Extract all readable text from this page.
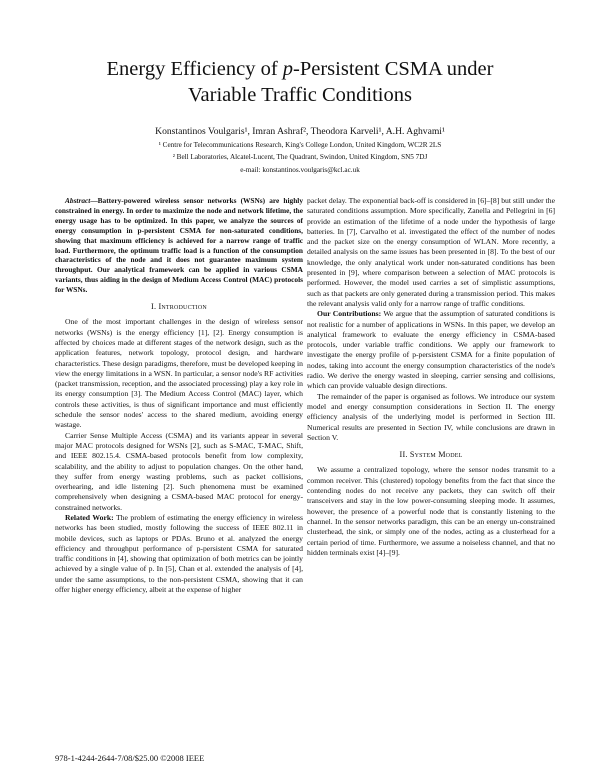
Energy Efficiency of p-Persistent CSMA under
Variable Traffic Conditions
Konstantinos Voulgaris¹, Imran Ashraf², Theodora Karveli¹, A.H. Aghvami¹
¹ Centre for Telecommunications Research, King's College London, United Kingdom, WC2R 2LS
² Bell Laboratories, Alcatel-Lucent, The Quadrant, Swindon, United Kingdom, SN5 7DJ
e-mail: konstantinos.voulgaris@kcl.ac.uk

Abstract—Battery-powered wireless sensor networks (WSNs) are highly constrained in energy. In order to maximize the node and network lifetime, the energy usage has to be optimized. In this paper, we analyze the sources of energy consumption in p-persistent CSMA for non-saturated conditions, showing that maximum efficiency is achieved for a narrow range of traffic load. Furthermore, the optimum traffic load is a function of the consumption characteristics of the node and it does not guarantee maximum system throughput. Our analytical framework can be applied in various CSMA variants, thus aiding in the design of Medium Access Control (MAC) protocols for WSNs.

I. Introduction

One of the most important challenges in the design of wireless sensor networks (WSNs) is the energy efficiency [1], [2]. Energy consumption is affected by choices made at different stages of the network design, such as the application features, network topology, protocol design, and hardware characteristics. These design paradigms, therefore, must be developed keeping in view the energy limitations in a WSN. In particular, a sensor node's RF activities (packet transmission, reception, and the associated processing) play a key role in its energy consumption [3]. The Medium Access Control (MAC) layer, which controls these activities, is thus of significant importance and must efficiently schedule the sensor nodes' access to the shared medium, avoiding energy wastage.

Carrier Sense Multiple Access (CSMA) and its variants appear in several major MAC protocols designed for WSNs [2], such as S-MAC, T-MAC, Shift, and IEEE 802.15.4. CSMA-based protocols benefit from low complexity, scalability, and the ability to adjust to population changes. On the other hand, they suffer from energy wasting problems, such as packet collisions, overhearing, and idle listening [2]. Such phenomena must be examined comprehensively when designing a CSMA-based MAC protocol for energy-constrained networks.

Related Work: The problem of estimating the energy efficiency in wireless networks has been studied, mostly following the success of IEEE 802.11 in mobile devices, such as laptops or PDAs. Bruno et al. analyzed the energy efficiency and throughput performance of p-persistent CSMA for saturated traffic conditions in [4], showing that optimization of both metrics can be jointly achieved by a single value of p. In [5], Chan et al. extended the analysis of [4], under the same assumptions, to the non-persistent CSMA, showing that it can offer higher energy efficiency, albeit at the expense of higher

packet delay. The exponential back-off is considered in [6]–[8] but still under the saturated conditions assumption. More specifically, Zanella and Pellegrini in [6] provide an estimation of the lifetime of a node under the hypothesis of large batteries. In [7], Carvalho et al. investigated the effect of the number of nodes and the packet size on the energy consumption of WLAN. More recently, a detailed analysis on the same issues has been presented in [8]. To the best of our knowledge, the only analytical work under non-saturated conditions has been presented in [9], where comparison between a selection of MAC protocols is performed. However, the model used carries a set of simplistic assumptions, such as that packets are only generated during a transmission period. This makes the relevant analysis valid only for a narrow range of traffic conditions.

Our Contributions: We argue that the assumption of saturated conditions is not realistic for a number of applications in WSNs. In this paper, we develop an analytical framework to evaluate the energy efficiency in CSMA-based protocols, under variable traffic conditions. We apply our framework to investigate the energy profile of p-persistent CSMA for a finite population of nodes, taking into account the energy consumption characteristics of the node's radio. We derive the energy wasted in sleeping, carrier sensing and collisions, which can provide valuable design directions.

The remainder of the paper is organised as follows. We introduce our system model and energy consumption considerations in Section II. The energy efficiency analysis of the underlying model is performed in Section III. Numerical results are presented in Section IV, while conclusions are drawn in Section V.

II. System Model

We assume a centralized topology, where the sensor nodes transmit to a common receiver. This (clustered) topology benefits from the fact that since the contending nodes do not receive any packets, they can switch off their transceivers and stay in the low power-consuming sleeping mode. It assumes, however, the presence of a powerful node that is constantly listening to the channel. In the sensor networks paradigm, this can be an energy un-constrained clusterhead, the sink, or simply one of the nodes, acting as a clusterhead for a certain period of time. Furthermore, we assume a noiseless channel, and that no hidden terminals exist [4]–[9].

978-1-4244-2644-7/08/$25.00 ©2008 IEEE
